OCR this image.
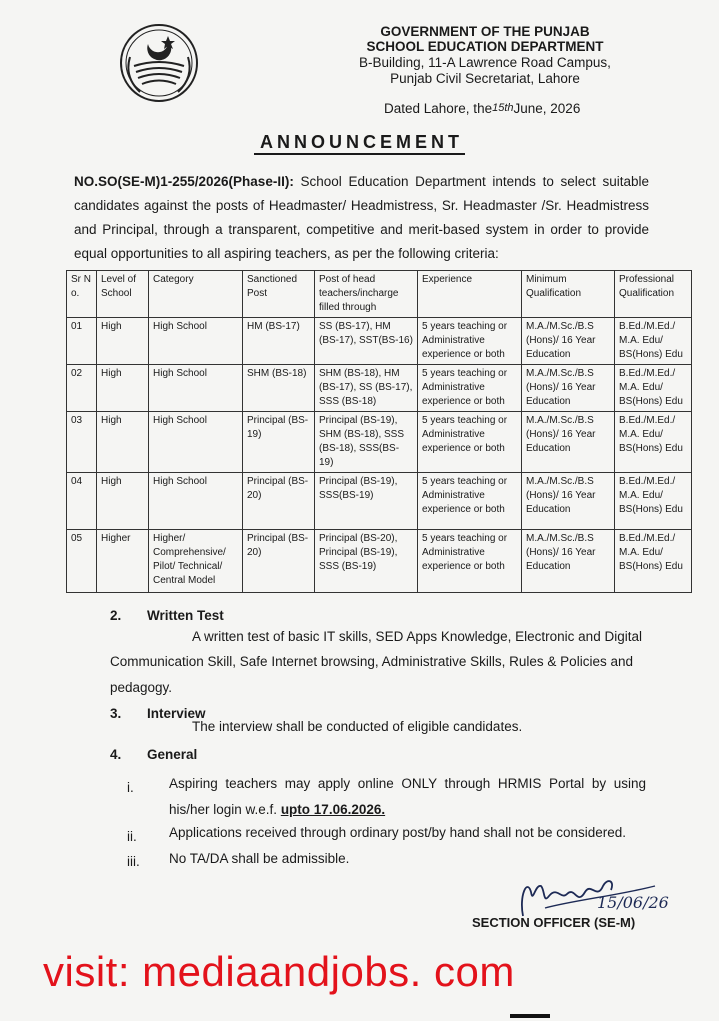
GOVERNMENT OF THE PUNJAB
SCHOOL EDUCATION DEPARTMENT
B-Building, 11-A Lawrence Road Campus,
Punjab Civil Secretariat, Lahore
Dated Lahore, the15thJune, 2026
ANNOUNCEMENT
NO.SO(SE-M)1-255/2026(Phase-II): School Education Department intends to select suitable candidates against the posts of Headmaster/ Headmistress, Sr. Headmaster /Sr. Headmistress and Principal, through a transparent, competitive and merit-based system in order to provide equal opportunities to all aspiring teachers, as per the following criteria:
Sr N o.	Level of School	Category	Sanctioned Post	Post of head teachers/incharge filled through	Experience	Minimum Qualification	Professional Qualification
01	High	High School	HM (BS-17)	SS (BS-17), HM (BS-17), SST(BS-16)	5 years teaching or Administrative experience or both	M.A./M.Sc./B.S (Hons)/ 16 Year Education	B.Ed./M.Ed./ M.A. Edu/ BS(Hons) Edu
02	High	High School	SHM (BS-18)	SHM (BS-18), HM (BS-17), SS (BS-17), SSS (BS-18)	5 years teaching or Administrative experience or both	M.A./M.Sc./B.S (Hons)/ 16 Year Education	B.Ed./M.Ed./ M.A. Edu/ BS(Hons) Edu
03	High	High School	Principal (BS-19)	Principal (BS-19), SHM (BS-18), SSS (BS-18), SSS(BS-19)	5 years teaching or Administrative experience or both	M.A./M.Sc./B.S (Hons)/ 16 Year Education	B.Ed./M.Ed./ M.A. Edu/ BS(Hons) Edu
04	High	High School	Principal (BS-20)	Principal (BS-19), SSS(BS-19)	5 years teaching or Administrative experience or both	M.A./M.Sc./B.S (Hons)/ 16 Year Education	B.Ed./M.Ed./ M.A. Edu/ BS(Hons) Edu
05	Higher	Higher/ Comprehensive/ Pilot/ Technical/ Central Model	Principal (BS-20)	Principal (BS-20), Principal (BS-19), SSS (BS-19)	5 years teaching or Administrative experience or both	M.A./M.Sc./B.S (Hons)/ 16 Year Education	B.Ed./M.Ed./ M.A. Edu/ BS(Hons) Edu
2. Written Test
A written test of basic IT skills, SED Apps Knowledge, Electronic and Digital
Communication Skill, Safe Internet browsing, Administrative Skills, Rules & Policies and
pedagogy.
3. Interview
The interview shall be conducted of eligible candidates.
4. General
i.	Aspiring teachers may apply online ONLY through HRMIS Portal by using
his/her login w.e.f. upto 17.06.2026.
ii. Applications received through ordinary post/by hand shall not be considered.
iii. No TA/DA shall be admissible.
15/06/26
SECTION OFFICER (SE-M)
visit: mediaandjobs. com
